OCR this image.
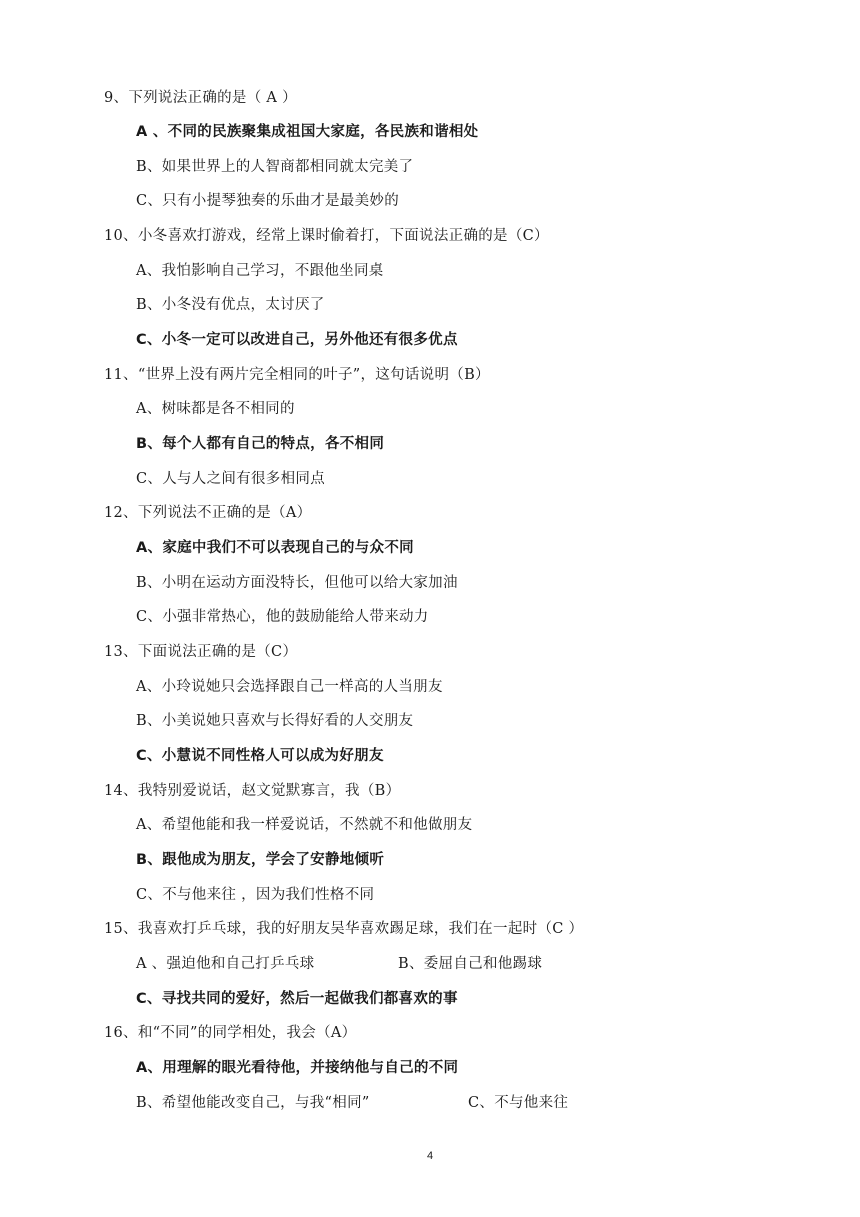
9、下列说法正确的是（ A ）
A 、不同的民族聚集成祖国大家庭，各民族和谐相处
B、如果世界上的人智商都相同就太完美了
C、只有小提琴独奏的乐曲才是最美妙的
10、小冬喜欢打游戏，经常上课时偷着打，下面说法正确的是（C）
A、我怕影响自己学习，不跟他坐同桌
B、小冬没有优点，太讨厌了
C、小冬一定可以改进自己，另外他还有很多优点
11、“世界上没有两片完全相同的叶子”，这句话说明（B）
A、树味都是各不相同的
B、每个人都有自己的特点，各不相同
C、人与人之间有很多相同点
12、下列说法不正确的是（A）
A、家庭中我们不可以表现自己的与众不同
B、小明在运动方面没特长，但他可以给大家加油
C、小强非常热心，他的鼓励能给人带来动力
13、下面说法正确的是（C）
A、小玲说她只会选择跟自己一样高的人当朋友
B、小美说她只喜欢与长得好看的人交朋友
C、小慧说不同性格人可以成为好朋友
14、我特别爱说话，赵文觉默寡言，我（B）
A、希望他能和我一样爱说话，不然就不和他做朋友
B、跟他成为朋友，学会了安静地倾听
C、不与他来往 ，因为我们性格不同
15、我喜欢打乒乓球，我的好朋友吴华喜欢踢足球，我们在一起时（C ）
A 、强迫他和自己打乒乓球	B、委屈自己和他踢球
C、寻找共同的爱好，然后一起做我们都喜欢的事
16、和“不同”的同学相处，我会（A）
A、用理解的眼光看待他，并接纳他与自己的不同
B、希望他能改变自己，与我“相同”	C、不与他来往
4
